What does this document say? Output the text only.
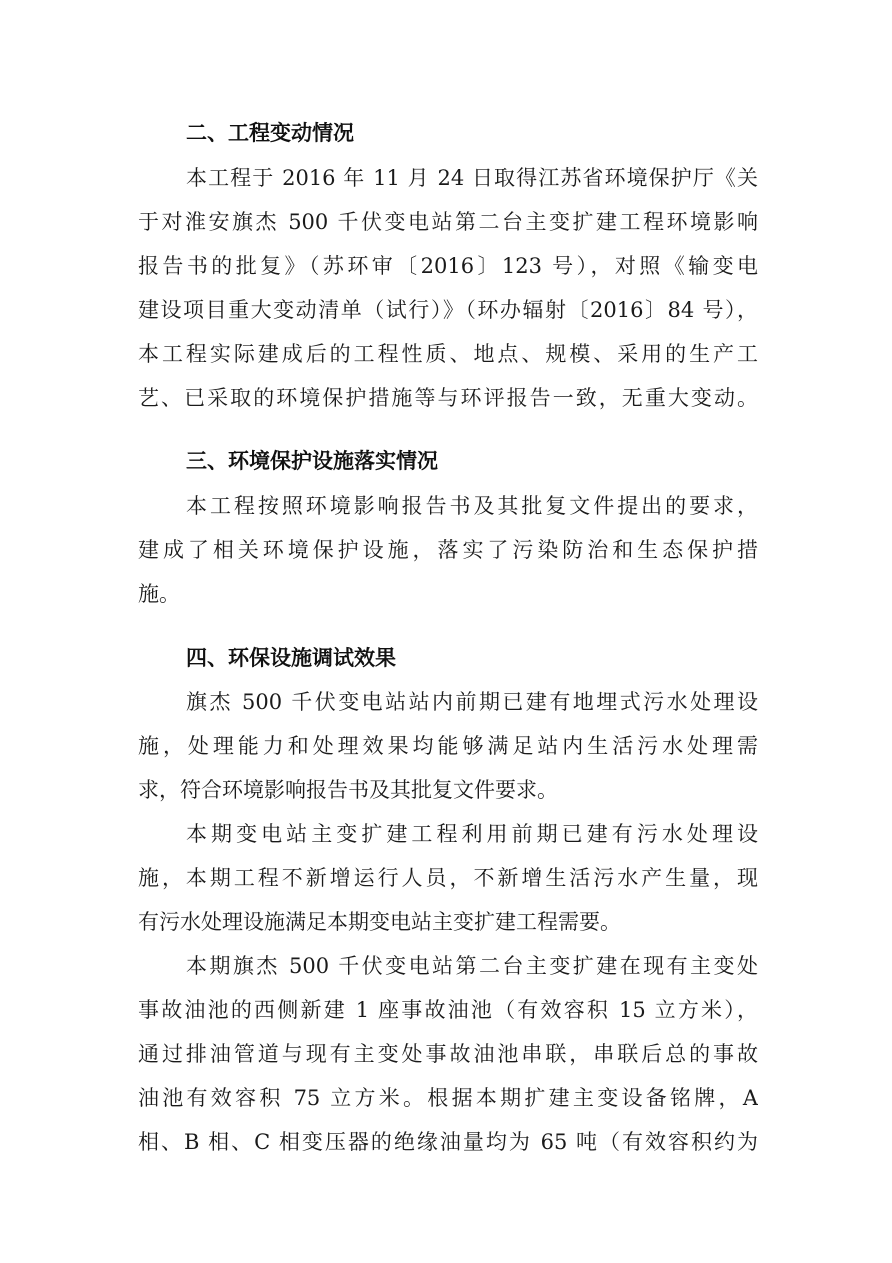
二、工程变动情况
本工程于 2016 年 11 月 24 日取得江苏省环境保护厅《关
于对淮安旗杰 500 千伏变电站第二台主变扩建工程环境影响
报告书的批复》（苏环审〔2016〕123 号），对照《输变电
建设项目重大变动清单（试行）》（环办辐射〔2016〕84 号），
本工程实际建成后的工程性质、地点、规模、采用的生产工
艺、已采取的环境保护措施等与环评报告一致，无重大变动。
三、环境保护设施落实情况
本工程按照环境影响报告书及其批复文件提出的要求，
建成了相关环境保护设施，落实了污染防治和生态保护措
施。
四、环保设施调试效果
旗杰 500 千伏变电站站内前期已建有地埋式污水处理设
施，处理能力和处理效果均能够满足站内生活污水处理需
求，符合环境影响报告书及其批复文件要求。
本期变电站主变扩建工程利用前期已建有污水处理设
施，本期工程不新增运行人员，不新增生活污水产生量，现
有污水处理设施满足本期变电站主变扩建工程需要。
本期旗杰 500 千伏变电站第二台主变扩建在现有主变处
事故油池的西侧新建 1 座事故油池（有效容积 15 立方米），
通过排油管道与现有主变处事故油池串联，串联后总的事故
油池有效容积 75 立方米。根据本期扩建主变设备铭牌，A
相、B 相、C 相变压器的绝缘油量均为 65 吨（有效容积约为
